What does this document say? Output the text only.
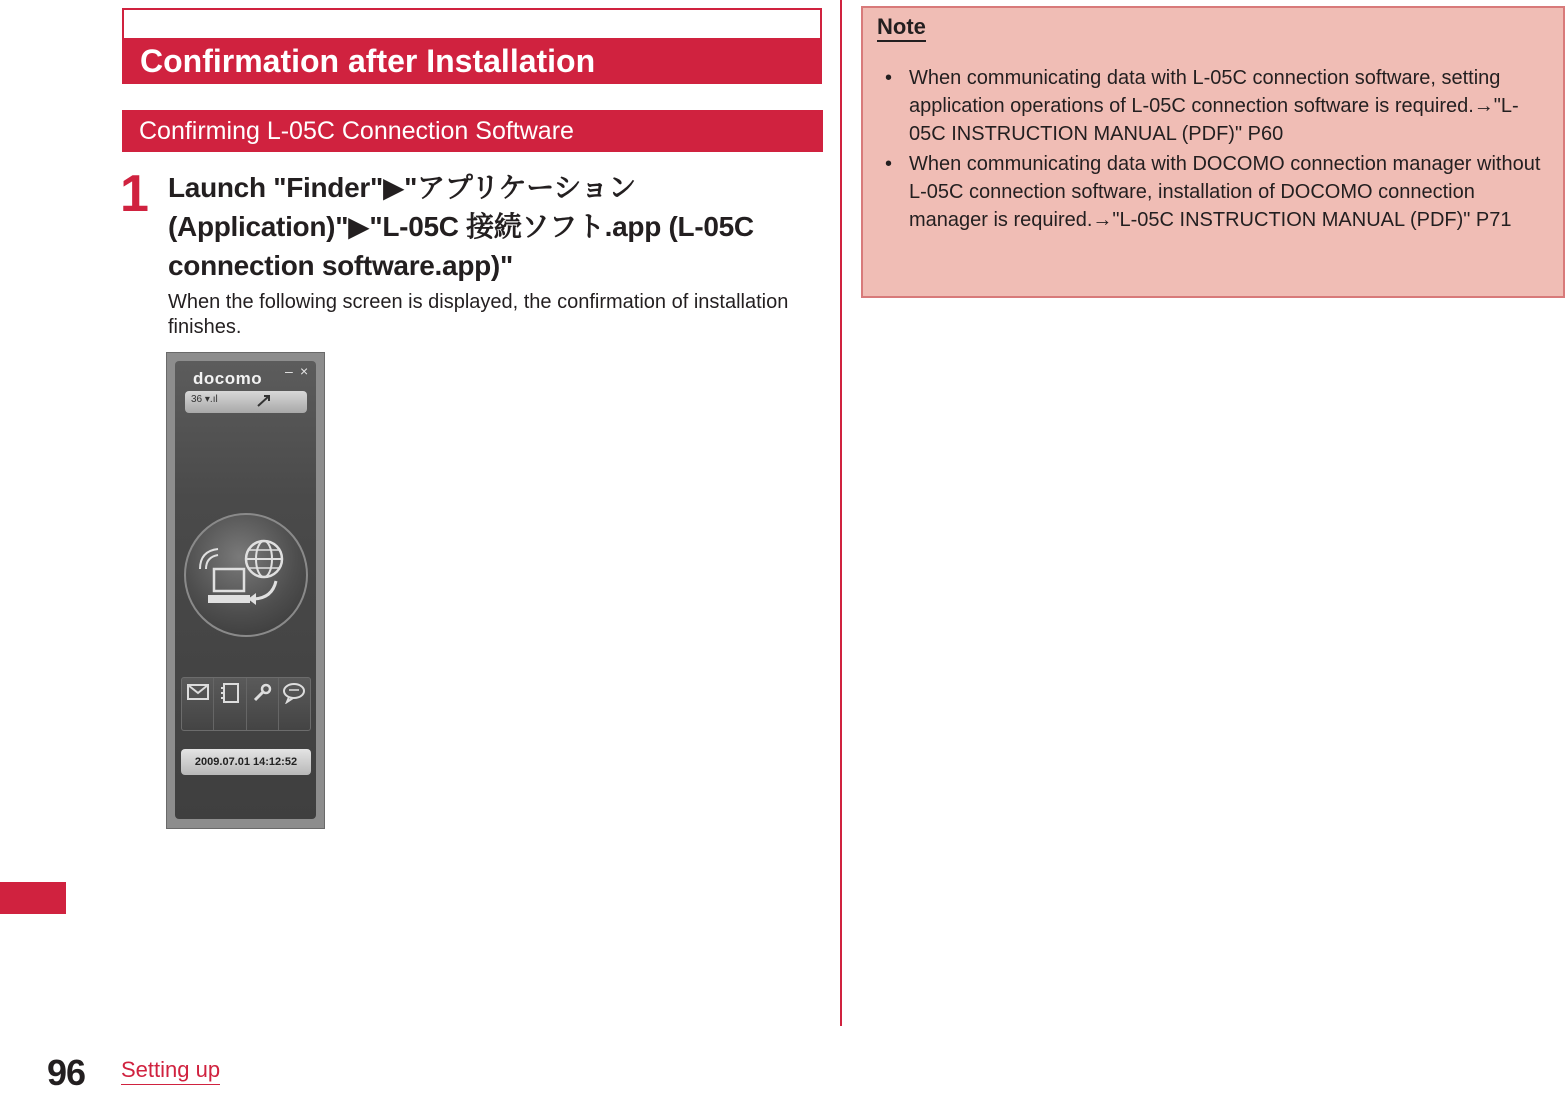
Confirmation after Installation
Confirming L-05C Connection Software
1 Launch "Finder"▶"アプリケーション(Application)"▶"L-05C 接続ソフト.app (L-05C connection software.app)"
When the following screen is displayed, the confirmation of installation finishes.
docomo – ×
36 ▾.ıl
2009.07.01 14:12:52
Note
• When communicating data with L-05C connection software, setting application operations of L-05C connection software is required.→"L-05C INSTRUCTION MANUAL (PDF)" P60
• When communicating data with DOCOMO connection manager without L-05C connection software, installation of DOCOMO connection manager is required.→"L-05C INSTRUCTION MANUAL (PDF)" P71
96 Setting up
